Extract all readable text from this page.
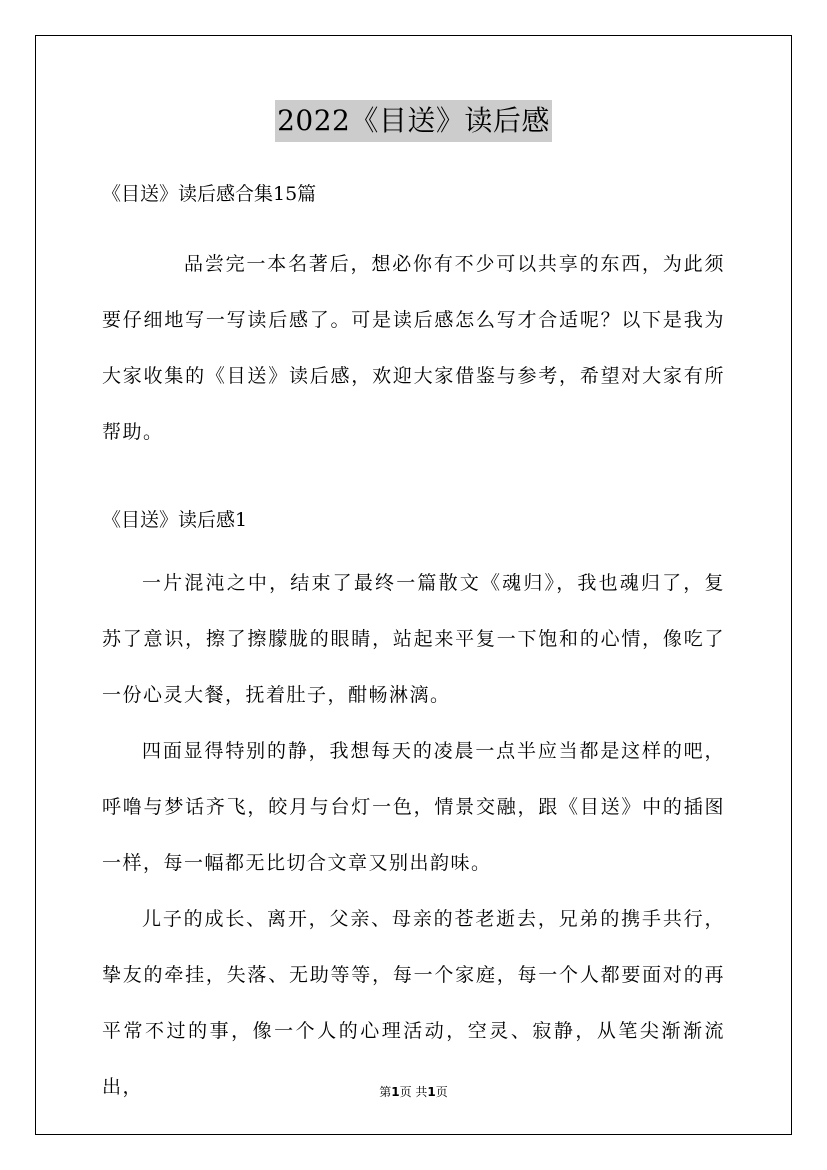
2022《目送》读后感
《目送》读后感合集15篇
品尝完一本名著后，想必你有不少可以共享的东西，为此须要仔细地写一写读后感了。可是读后感怎么写才合适呢？以下是我为大家收集的《目送》读后感，欢迎大家借鉴与参考，希望对大家有所帮助。
《目送》读后感1

一片混沌之中，结束了最终一篇散文《魂归》，我也魂归了，复苏了意识，擦了擦朦胧的眼睛，站起来平复一下饱和的心情，像吃了一份心灵大餐，抚着肚子，酣畅淋漓。

四面显得特别的静，我想每天的凌晨一点半应当都是这样的吧，呼噜与梦话齐飞，皎月与台灯一色，情景交融，跟《目送》中的插图一样，每一幅都无比切合文章又别出韵味。

儿子的成长、离开，父亲、母亲的苍老逝去，兄弟的携手共行，挚友的牵挂，失落、无助等等，每一个家庭，每一个人都要面对的再平常不过的事，像一个人的心理活动，空灵、寂静，从笔尖渐渐流出，	第1页 共1页
